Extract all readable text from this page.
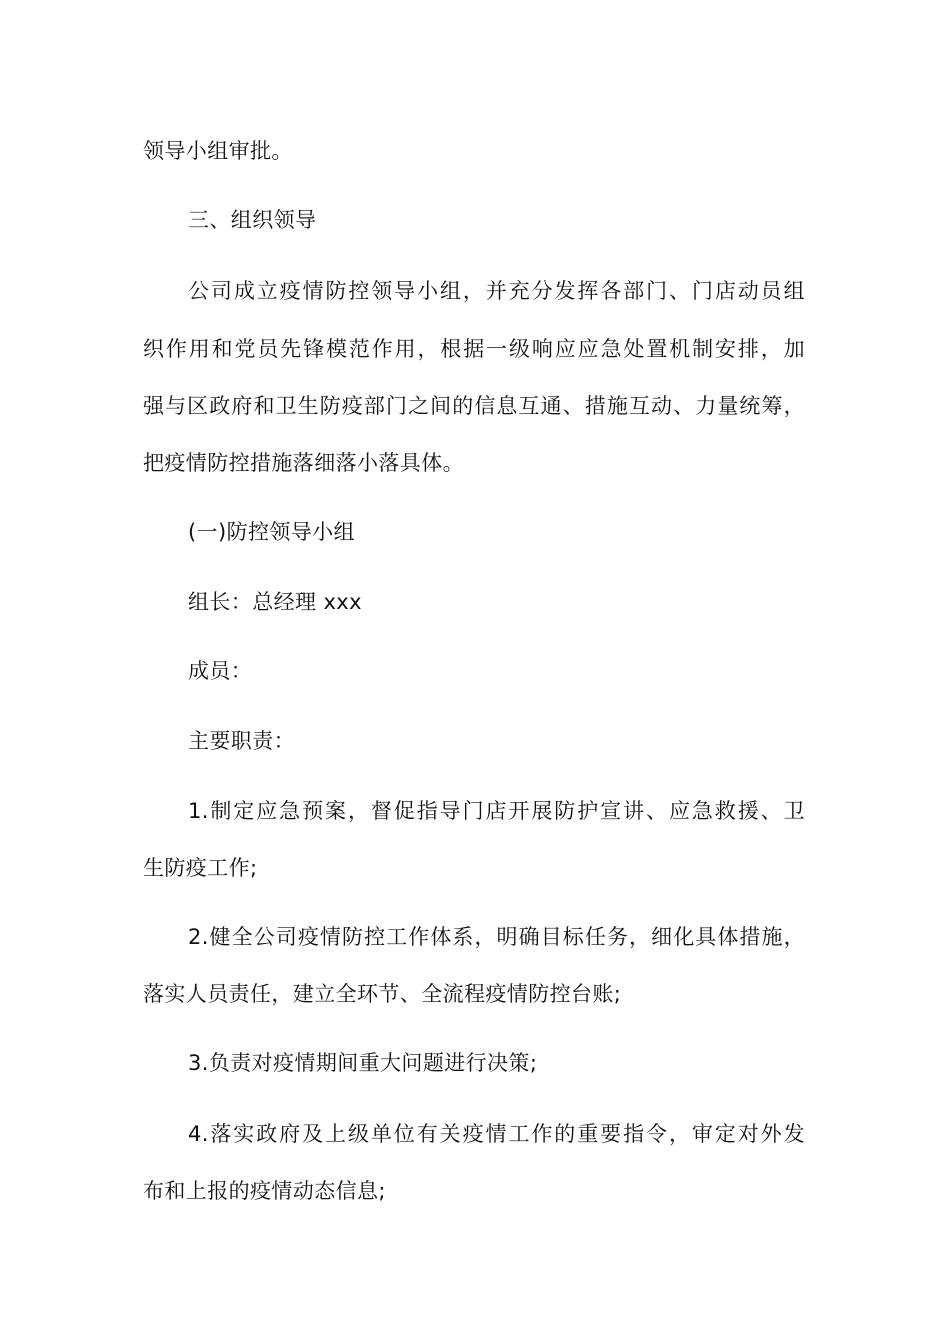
领导小组审批。
三、组织领导
公司成立疫情防控领导小组，并充分发挥各部门、门店动员组
织作用和党员先锋模范作用，根据一级响应应急处置机制安排，加
强与区政府和卫生防疫部门之间的信息互通、措施互动、力量统筹，
把疫情防控措施落细落小落具体。
(一)防控领导小组
组长：总经理 xxx
成员：
主要职责：
1.制定应急预案，督促指导门店开展防护宣讲、应急救援、卫
生防疫工作;
2.健全公司疫情防控工作体系，明确目标任务，细化具体措施，
落实人员责任，建立全环节、全流程疫情防控台账;
3.负责对疫情期间重大问题进行决策;
4.落实政府及上级单位有关疫情工作的重要指令，审定对外发
布和上报的疫情动态信息;
